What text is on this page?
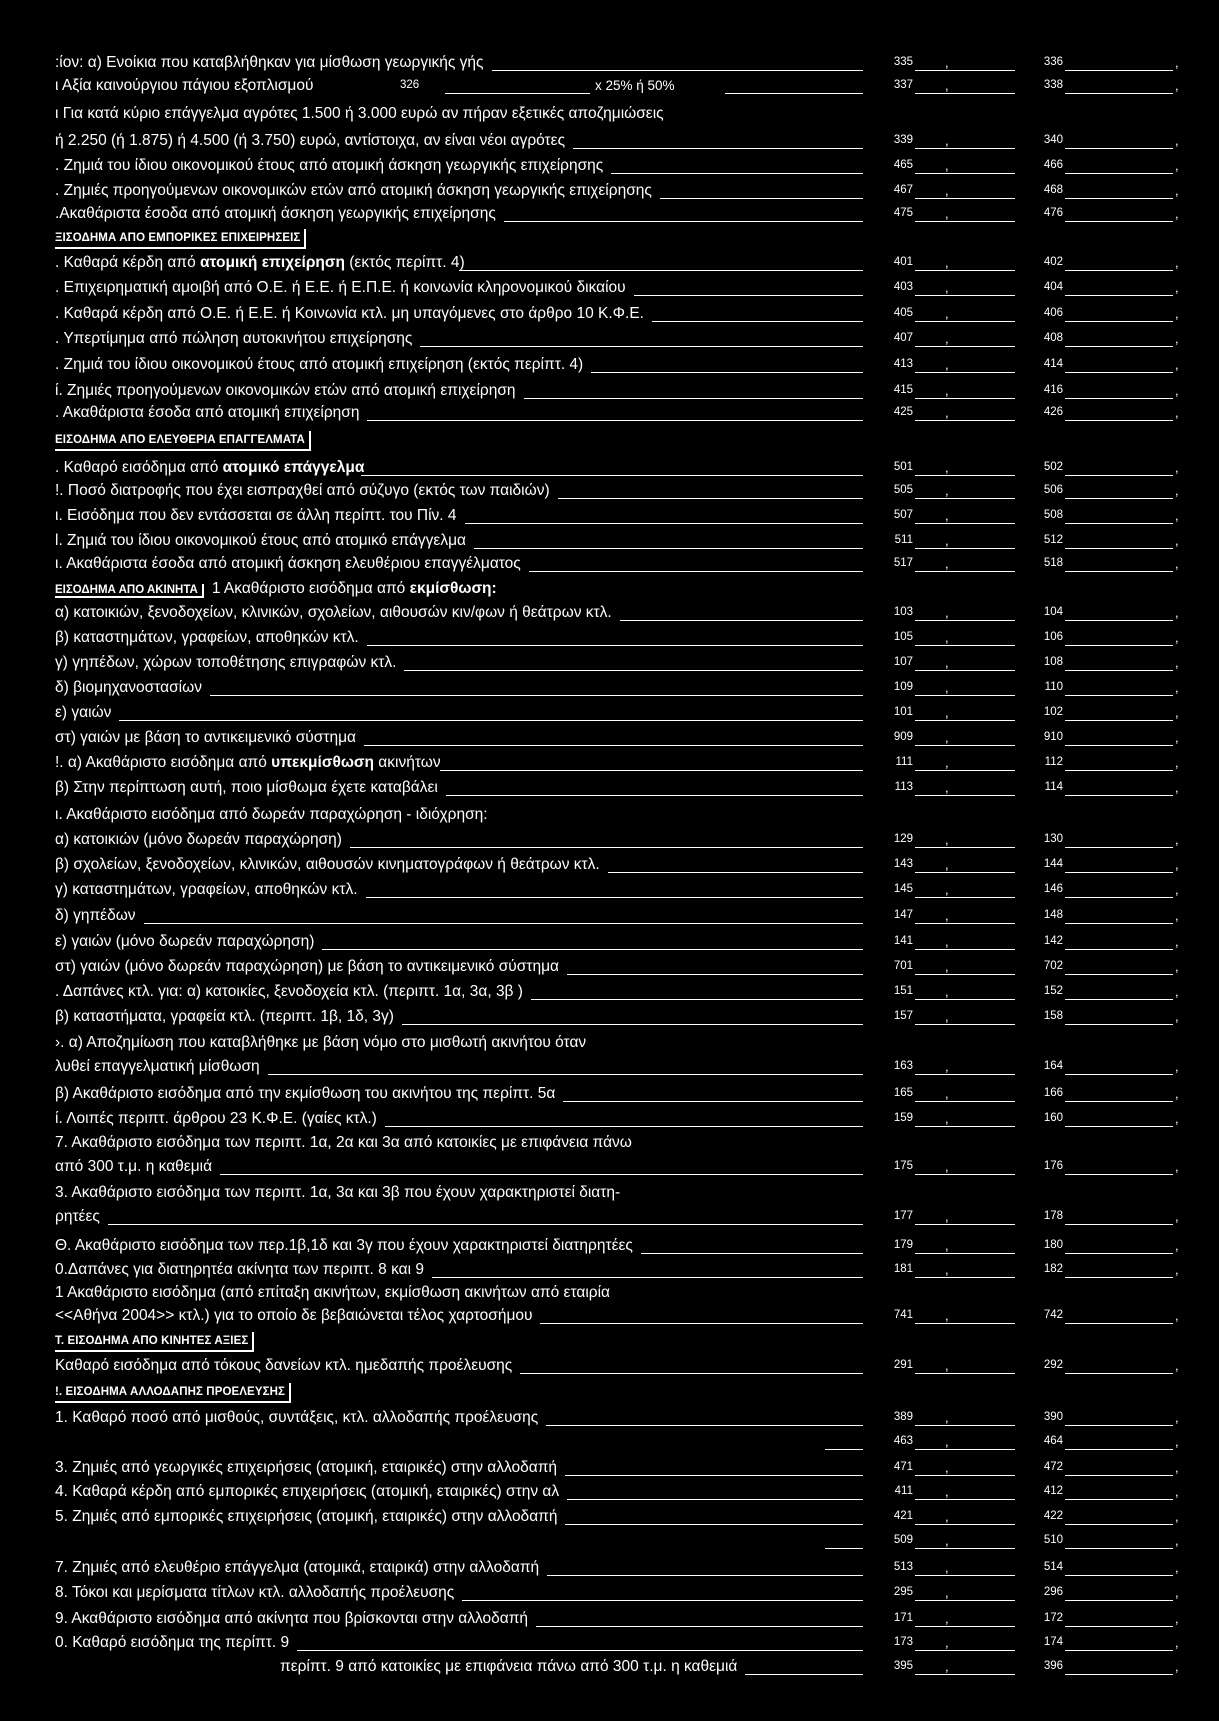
ΞΙΣΟΔΗΜΑ ΑΠΟ ΕΜΠΟΡΙΚΕΣ ΕΠΙΧΕΙΡΗΣΕΙΣ
ΕΙΣΟΔΗΜΑ ΑΠΟ ΕΛΕΥΘΕΡΙΑ ΕΠΑΓΓΕΛΜΑΤΑ
Τ. ΕΙΣΟΔΗΜΑ ΑΠΟ ΚΙΝΗΤΕΣ ΑΞΙΕΣ
!. ΕΙΣΟΔΗΜΑ ΑΛΛΟΔΑΠΗΣ ΠΡΟΕΛΕΥΣΗΣ
:ίον: α) Ενοίκια που καταβλήθηκαν για μίσθωση γεωργικής γής	335 ,	336	,
ι Αξία καινούργιου πάγιου εξοπλισμού	326	x 25% ή 50%	337 ,	338	,
ι Για κατά κύριο επάγγελμα αγρότες 1.500 ή 3.000 ευρώ αν πήραν εξετικές αποζημιώσεις
ή 2.250 (ή 1.875) ή 4.500 (ή 3.750) ευρώ, αντίστοιχα, αν είναι νέοι αγρότες	339 ,	340	,
. Ζημιά του ίδιου οικονομικού έτους από ατομική άσκηση γεωργικής επιχείρησης	465 ,	466	,
. Ζημιές προηγούμενων οικονομικών ετών από ατομική άσκηση γεωργικής επιχείρησης	467 ,	468	,
.Ακαθάριστα έσοδα από ατομική άσκηση γεωργικής επιχείρησης	475 ,	476	,
. Καθαρά κέρδη από ατομική επιχείρηση (εκτός περίπτ. 4)	401 ,	402	,
. Επιχειρηματική αμοιβή από Ο.Ε. ή Ε.Ε. ή Ε.Π.Ε. ή κοινωνία κληρονομικού δικαίου	403 ,	404	,
. Καθαρά κέρδη από Ο.Ε. ή Ε.Ε. ή Κοινωνία κτλ. μη υπαγόμενες στο άρθρο 10 Κ.Φ.Ε.	405 ,	406	,
. Υπερτίμημα από πώληση αυτοκινήτου επιχείρησης	407 ,	408	,
. Ζημιά του ίδιου οικονομικού έτους από ατομική επιχείρηση (εκτός περίπτ. 4)	413 ,	414	,
ί. Ζημιές προηγούμενων οικονομικών ετών από ατομική επιχείρηση	415 ,	416	,
. Ακαθάριστα έσοδα από ατομική επιχείρηση	425 ,	426	,
. Καθαρό εισόδημα από ατομικό επάγγελμα	501 ,	502	,
!. Ποσό διατροφής που έχει εισπραχθεί από σύζυγο (εκτός των παιδιών)	505 ,	506	,
ι. Εισόδημα που δεν εντάσσεται σε άλλη περίπτ. του Πίν. 4	507 ,	508	,
l. Ζημιά του ίδιου οικονομικού έτους από ατομικό επάγγελμα	511 ,	512	,
ι. Ακαθάριστα έσοδα από ατομική άσκηση ελευθέριου επαγγέλματος	517 ,	518	,
α) κατοικιών, ξενοδοχείων, κλινικών, σχολείων, αιθουσών κιν/φων ή θεάτρων κτλ.	103 ,	104	,
β) καταστημάτων, γραφείων, αποθηκών κτλ.	105 ,	106	,
γ) γηπέδων, χώρων τοποθέτησης επιγραφών κτλ.	107 ,	108	,
δ) βιομηχανοστασίων	109 ,	110	,
ε) γαιών	101 ,	102	,
στ) γαιών με βάση το αντικειμενικό σύστημα	909 ,	910	,
!. α) Ακαθάριστο εισόδημα από υπεκμίσθωση ακινήτων	111 ,	112	,
β) Στην περίπτωση αυτή, ποιο μίσθωμα έχετε καταβάλει	113 ,	114	,
ι. Ακαθάριστο εισόδημα από δωρεάν παραχώρηση - ιδιόχρηση:
α) κατοικιών (μόνο δωρεάν παραχώρηση)	129 ,	130	,
β) σχολείων, ξενοδοχείων, κλινικών, αιθουσών κινηματογράφων ή θεάτρων κτλ.	143 ,	144	,
γ) καταστημάτων, γραφείων, αποθηκών κτλ.	145 ,	146	,
δ) γηπέδων	147 ,	148	,
ε) γαιών (μόνο δωρεάν παραχώρηση)	141 ,	142	,
στ) γαιών (μόνο δωρεάν παραχώρηση) με βάση το αντικειμενικό σύστημα	701 ,	702	,
. Δαπάνες κτλ. για: α) κατοικίες, ξενοδοχεία κτλ. (περιπτ. 1α, 3α, 3β )	151 ,	152	,
β) καταστήματα, γραφεία κτλ. (περιπτ. 1β, 1δ, 3γ)	157 ,	158	,
›. α) Αποζημίωση που καταβλήθηκε με βάση νόμο στο μισθωτή ακινήτου όταν
λυθεί επαγγελματική μίσθωση	163 ,	164	,
β) Ακαθάριστο εισόδημα από την εκμίσθωση του ακινήτου της περίπτ. 5α	165 ,	166	,
ί. Λοιπές περιπτ. άρθρου 23 Κ.Φ.Ε. (γαίες κτλ.)	159 ,	160	,
7. Ακαθάριστο εισόδημα των περιπτ. 1α, 2α και 3α από κατοικίες με επιφάνεια πάνω
από 300 τ.μ. η καθεμιά	175 ,	176	,
3. Ακαθάριστο εισόδημα των περιπτ. 1α, 3α και 3β που έχουν χαρακτηριστεί διατη-
ρητέες	177 ,	178	,
Θ. Ακαθάριστο εισόδημα των περ.1β,1δ και 3γ που έχουν χαρακτηριστεί διατηρητέες	179 ,	180	,
0.Δαπάνες για διατηρητέα ακίνητα των περιπτ. 8 και 9	181 ,	182	,
1 Ακαθάριστο εισόδημα (από επίταξη ακινήτων, εκμίσθωση ακινήτων από εταιρία
<<Αθήνα 2004>> κτλ.) για το οποίο δε βεβαιώνεται τέλος χαρτοσήμου	741 ,	742	,
Καθαρό εισόδημα από τόκους δανείων κτλ. ημεδαπής προέλευσης	291 ,	292	,
1. Καθαρό ποσό από μισθούς, συντάξεις, κτλ. αλλοδαπής προέλευσης	389 ,	390	,
463 ,	464	,
3. Ζημιές από γεωργικές επιχειρήσεις (ατομική, εταιρικές) στην αλλοδαπή	471 ,	472	,
4. Καθαρά κέρδη από εμπορικές επιχειρήσεις (ατομική, εταιρικές) στην αλ	411 ,	412	,
5. Ζημιές από εμπορικές επιχειρήσεις (ατομική, εταιρικές) στην αλλοδαπή	421 ,	422	,
509 ,	510	,
7. Ζημιές από ελευθέριο επάγγελμα (ατομικά, εταιρικά) στην αλλοδαπή	513 ,	514	,
8. Τόκοι και μερίσματα τίτλων κτλ. αλλοδαπής προέλευσης	295 ,	296	,
9. Ακαθάριστο εισόδημα από ακίνητα που βρίσκονται στην αλλοδαπή	171 ,	172	,
0. Καθαρό εισόδημα της περίπτ. 9	173 ,	174	,
περίπτ. 9 από κατοικίες με επιφάνεια πάνω από 300 τ.μ. η καθεμιά	395 ,	396	,
ΕΙΣΟΔΗΜΑ ΑΠΟ ΑΚΙΝΗΤΑ 1 Ακαθάριστο εισόδημα από εκμίσθωση:
